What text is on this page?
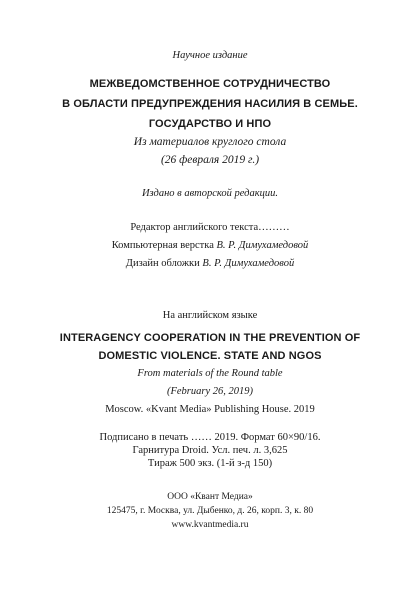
Научное издание
МЕЖВЕДОМСТВЕННОЕ СОТРУДНИЧЕСТВО
В ОБЛАСТИ ПРЕДУПРЕЖДЕНИЯ НАСИЛИЯ В СЕМЬЕ.
ГОСУДАРСТВО И НПО
Из материалов круглого стола
(26 февраля 2019 г.)
Издано в авторской редакции.
Редактор английского текста………
Компьютерная верстка В. Р. Димухамедовой
Дизайн обложки В. Р. Димухамедовой
На английском языке
INTERAGENCY COOPERATION IN THE PREVENTION OF
DOMESTIC VIOLENCE. STATE AND NGOS
From materials of the Round table
(February 26, 2019)
Moscow. «Kvant Media» Publishing House. 2019
Подписано в печать …… 2019. Формат 60×90/16.
Гарнитура Droid. Усл. печ. л. 3,625
Тираж 500 экз. (1-й з-д 150)
ООО «Квант Медиа»
125475, г. Москва, ул. Дыбенко, д. 26, корп. 3, к. 80
www.kvantmedia.ru
